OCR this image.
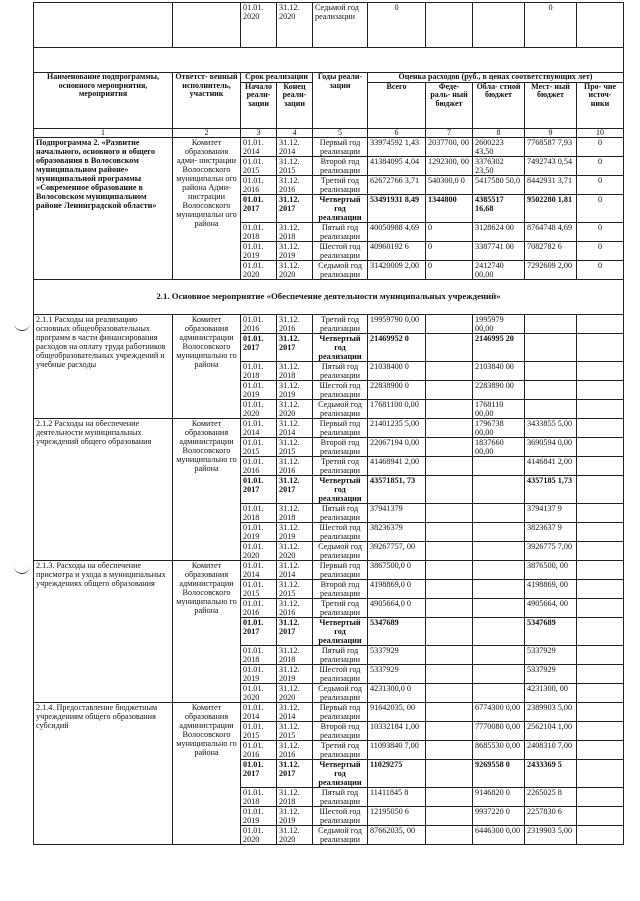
		01.01. 2020	31.12. 2020	Седьмой год реализации	0			0	

Наименование подпрограммы, основного мероприятия, мероприятия	Ответст- венный исполнитель, участник	Срок реализации		Годы реали- зации	Оценка расходов (руб., в ценах соответствующих лет)				
		Начало реали- зации	Конец реали- зации		Всего	Феде- раль- ный бюджет	Обла- стной бюджет	Мест- ный бюджет	Про- чие источ- ники
1	2	3	4	5	6	7	8	9	10
Подпрограмма 2. «Развитие начального, основного и общего образования в Волосовском муниципальном районе» муниципальной программы «Современное образование в Волосовском муниципальном районе Ленинградской области»	Комитет образования адми- нистрации Волосовского муниципальн ого района Адми- нистрации Волосовского муниципальн ого района	01.01. 2014	31.12. 2014	Первый год реализации	33974592 1,43	2037700, 00	2600223 43,50	7768587 7,93	0
		01.01. 2015	31.12. 2015	Второй год реализации	41384095 4,04	1292300, 00	3376302 23,50	7492743 0,54	0
		01.01. 2016	31.12. 2016	Третий год реализации	62672766 3,71	540300,0 0	5417580 50,0	8442931 3,71	0
		01.01. 2017	31.12. 2017	Четвертый год реализации	53491931 8,49	1344800	4385517 16,68	9502280 1,81	0
		01.01. 2018	31.12. 2018	Пятый год реализации	40050988 4,69	0	3128624 00	8764748 4,69	0
		01.01. 2019	31.12. 2019	Шестой год реализации	40960192 6	0	3387741 00	7082782 6	0
		01.01. 2020	31.12. 2020	Седьмой год реализации	31420009 2,00	0	2412740 00,00	7292609 2,00	0
2.1. Основное мероприятие «Обеспечение деятельности муниципальных учреждений»									
2.1.1 Расходы на реализацию основных общеобразовательных программ в части финансирования расходов на оплату труда работников общеобразовательных учреждений и учебные расходы	Комитет образования администрации Волосовского муниципально го района	01.01. 2016	31.12. 2016	Третий год реализации	19959790 0,00		1995979 00,00		
		01.01. 2017	31.12. 2017	Четвертый год реализации	21469952 0		2146995 20		
		01.01. 2018	31.12. 2018	Пятый год реализации	21038400 0		2103840 00		
		01.01. 2019	31.12. 2019	Шестой год реализации	22838900 0		2283890 00		
		01.01. 2020	31.12. 2020	Седьмой год реализации	17681100 0,00		1768110 00,00		
2.1.2 Расходы на обеспечение деятельности муниципальных учреждений общего образования	Комитет образования администрации Волосовского муниципально го района	01.01. 2014	31.12. 2014	Первый год реализации	21401235 5,00		1796738 00,00	3433855 5,00	
		01.01. 2015	31.12. 2015	Второй год реализации	22067194 0,00		1837660 00,00	3690594 0,00	
		01.01. 2016	31.12. 2016	Третий год реализации	41468941 2,00			4146841 2,00	
		01.01. 2017	31.12. 2017	Четвертый год реализации	43571851, 73			4357185 1,73	
		01.01. 2018	31.12. 2018	Пятый год реализации	37941379			3794137 9	
		01.01. 2019	31.12. 2019	Шестой год реализации	38236379			3823637 9	
		01.01. 2020	31.12. 2020	Седьмой год реализации	39267757, 00			3926775 7,00	
2.1.3. Расходы на обеспечение присмотра и ухода в муниципальных учреждениях общего образования	Комитет образования администрации Волосовского муниципально го района	01.01. 2014	31.12. 2014	Первый год реализации	3867500,0 0			3876500, 00	
		01.01. 2015	31.12. 2015	Второй год реализации	4198869,0 0			4198869, 00	
		01.01. 2016	31.12. 2016	Третий год реализации	4905664,0 0			4905664, 00	
		01.01. 2017	31.12. 2017	Четвертый год реализации	5347689			5347689	
		01.01. 2018	31.12. 2018	Пятый год реализации	5337929			5337929	
		01.01. 2019	31.12. 2019	Шестой год реализации	5337929			5337929	
		01.01. 2020	31.12. 2020	Седьмой год реализации	4231300,0 0			4231300, 00	
2.1.4. Предоставление бюджетным учреждениям общего образования субсидий	Комитет образования администрации Волосовского муниципально го района	01.01. 2014	31.12. 2014	Первый год реализации	91642035, 00		6774300 0,00	2389903 5,00	
		01.01. 2015	31.12. 2015	Второй год реализации	10332184 1,00		7770080 0,00	2562104 1,00	
		01.01. 2016	31.12. 2016	Третий год реализации	11093840 7,00		8685530 0,00	2408310 7,00	
		01.01. 2017	31.12. 2017	Четвертый год реализации	11029275		9269558 0	2433369 5	
		01.01. 2018	31.12. 2018	Пятый год реализации	11411845 8		9146820 0	2265025 8	
		01.01. 2019	31.12. 2019	Шестой год реализации	12195050 6		9937220 0	2257830 6	
		01.01. 2020	31.12. 2020	Седьмой год реализации	87662035, 00		6446300 0,00	2319903 5,00	
